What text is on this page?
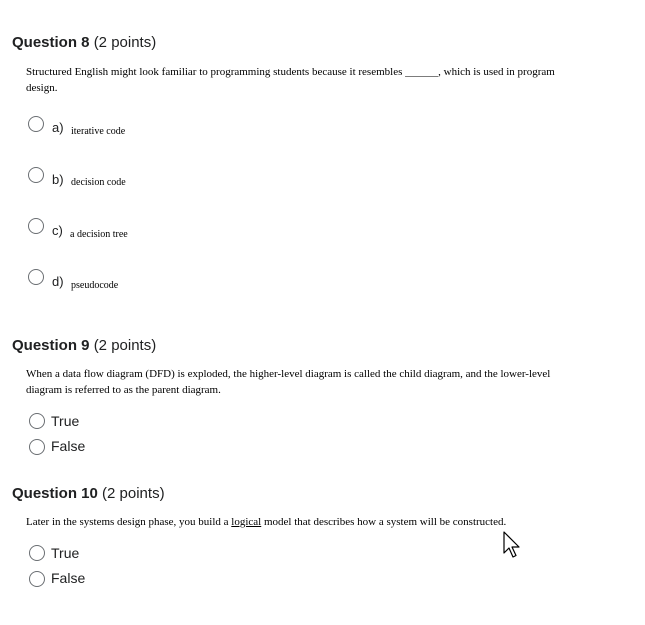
Question 8 (2 points)
Structured English might look familiar to programming students because it resembles ______, which is used in program design.
a) iterative code
b) decision code
c) a decision tree
d) pseudocode
Question 9 (2 points)
When a data flow diagram (DFD) is exploded, the higher-level diagram is called the child diagram, and the lower-level diagram is referred to as the parent diagram.
True
False
Question 10 (2 points)
Later in the systems design phase, you build a logical model that describes how a system will be constructed.
True
False
